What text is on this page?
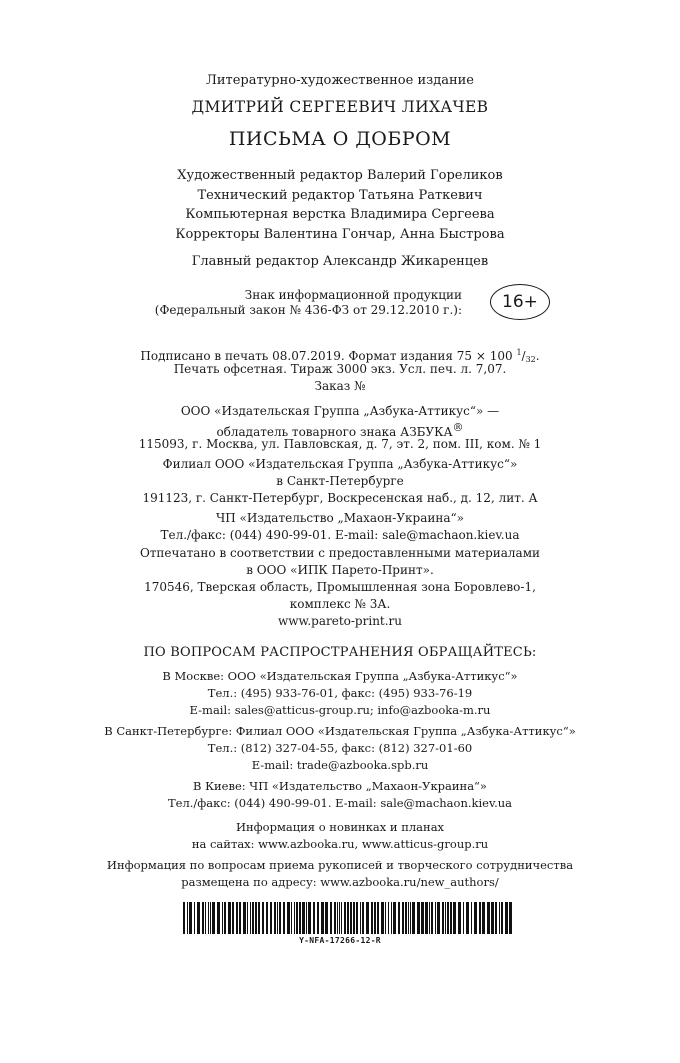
Литературно-художественное издание
ДМИТРИЙ СЕРГЕЕВИЧ ЛИХАЧЕВ
ПИСЬМА О ДОБРОМ
Художественный редактор Валерий Гореликов
Технический редактор Татьяна Раткевич
Компьютерная верстка Владимира Сергеева
Корректоры Валентина Гончар, Анна Быстрова
Главный редактор Александр Жикаренцев
Знак информационной продукции
(Федеральный закон № 436-ФЗ от 29.12.2010 г.):	16+
Подписано в печать 08.07.2019. Формат издания 75 × 100 $^1/_{32}$.
Печать офсетная. Тираж 3000 экз. Усл. печ. л. 7,07.
Заказ №
ООО «Издательская Группа „Азбука-Аттикус“» —
обладатель товарного знака АЗБУКА®
115093, г. Москва, ул. Павловская, д. 7, эт. 2, пом. III, ком. № 1
Филиал ООО «Издательская Группа „Азбука-Аттикус“»
в Санкт-Петербурге
191123, г. Санкт-Петербург, Воскресенская наб., д. 12, лит. А
ЧП «Издательство „Махаон-Украина“»
Тел./факс: (044) 490-99-01. E-mail: sale@machaon.kiev.ua
Отпечатано в соответствии с предоставленными материалами
в ООО «ИПК Парето-Принт».
170546, Тверская область, Промышленная зона Боровлево-1,
комплекс № 3А.
www.pareto-print.ru
ПО ВОПРОСАМ РАСПРОСТРАНЕНИЯ ОБРАЩАЙТЕСЬ:
В Москве: ООО «Издательская Группа „Азбука-Аттикус“»
Тел.: (495) 933-76-01, факс: (495) 933-76-19
E-mail: sales@atticus-group.ru; info@azbooka-m.ru
В Санкт-Петербурге: Филиал ООО «Издательская Группа „Азбука-Аттикус“»
Тел.: (812) 327-04-55, факс: (812) 327-01-60
E-mail: trade@azbooka.spb.ru
В Киеве: ЧП «Издательство „Махаон-Украина“»
Тел./факс: (044) 490-99-01. E-mail: sale@machaon.kiev.ua
Информация о новинках и планах
на сайтах: www.azbooka.ru, www.atticus-group.ru
Информация по вопросам приема рукописей и творческого сотрудничества
размещена по адресу: www.azbooka.ru/new_authors/
Y-NFA-17266-12-R
